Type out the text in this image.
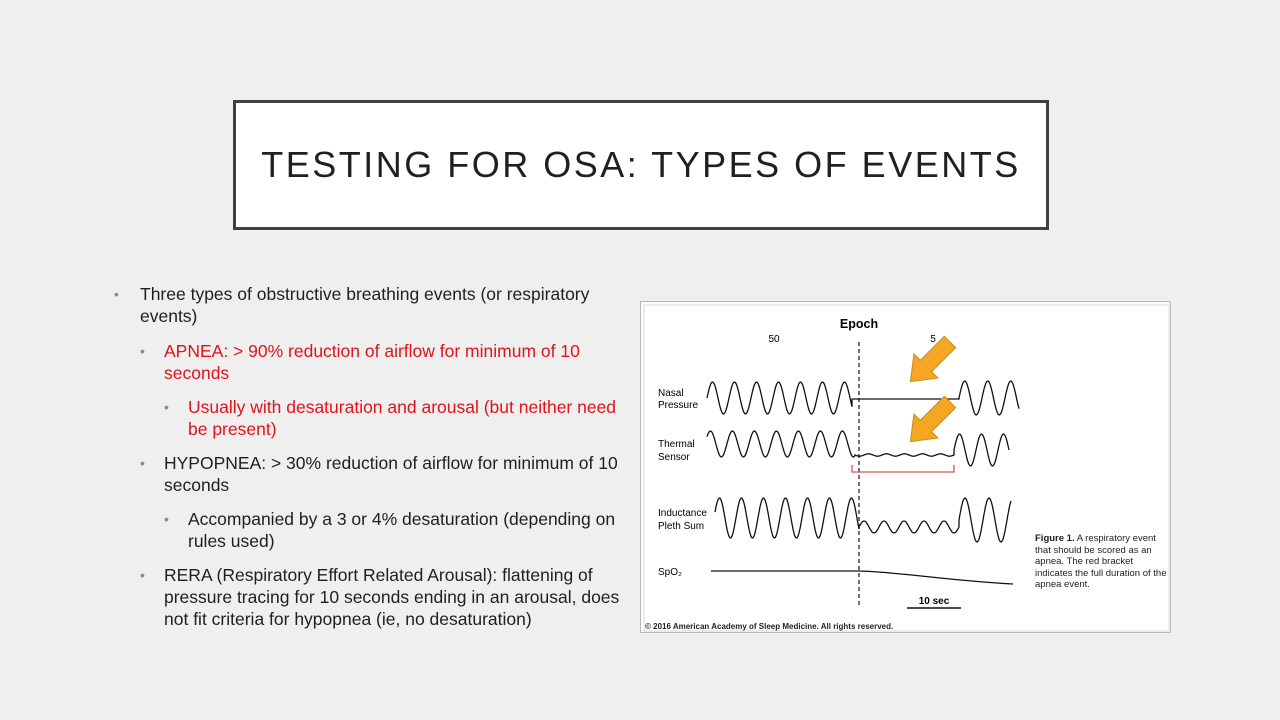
TESTING FOR OSA: TYPES OF EVENTS
• Three types of obstructive breathing events (or respiratory events)
• APNEA: > 90% reduction of airflow for minimum of 10 seconds
• Usually with desaturation and arousal (but neither need be present)
• HYPOPNEA: > 30% reduction of airflow for minimum of 10 seconds
• Accompanied by a 3 or 4% desaturation (depending on rules used)
• RERA (Respiratory Effort Related Arousal): flattening of pressure tracing for 10 seconds ending in an arousal, does not fit criteria for hypopnea (ie, no desaturation)
Epoch
50	5
Nasal
Pressure
Thermal
Sensor
Inductance
Pleth Sum
SpO₂
10 sec
Figure 1. A respiratory event that should be scored as an apnea. The red bracket indicates the full duration of the apnea event.
© 2016 American Academy of Sleep Medicine. All rights reserved.
